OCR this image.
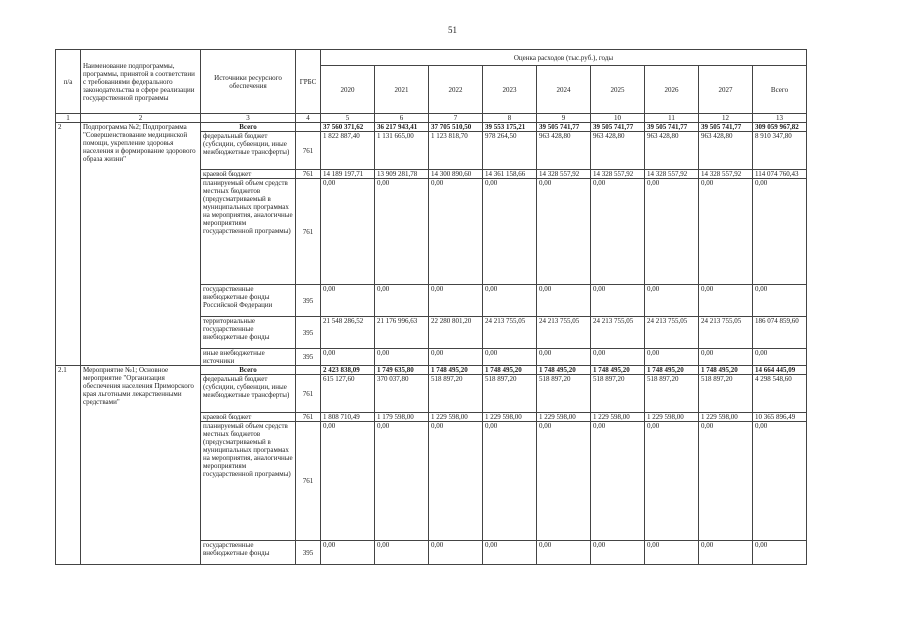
51
п/а	Наименование подпрограммы, программы, принятой в соответствии с требованиями федерального законодательства в сфере реализации государственной программы	Источники ресурсного обеспечения	ГРБС	Оценка расходов (тыс.руб.), годы								
				2020	2021	2022	2023	2024	2025	2026	2027	Всего
1	2	3	4	5	6	7	8	9	10	11	12	13
2	Подпрограмма №2; Подпрограмма "Совершенствование медицинской помощи, укрепление здоровья населения и формирование здорового образа жизни"	Всего		37 560 371,62	36 217 943,41	37 705 510,50	39 553 175,21	39 505 741,77	39 505 741,77	39 505 741,77	39 505 741,77	309 059 967,82
		федеральный бюджет (субсидии, субвенции, иные межбюджетные трансферты)	761	1 822 887,40	1 131 665,00	1 123 818,70	978 264,50	963 428,80	963 428,80	963 428,80	963 428,80	8 910 347,80
		краевой бюджет	761	14 189 197,71	13 909 281,78	14 300 890,60	14 361 158,66	14 328 557,92	14 328 557,92	14 328 557,92	14 328 557,92	114 074 760,43
		планируемый объем средств местных бюджетов (предусматриваемый в муниципальных программах на мероприятия, аналогичные мероприятиям государственной программы)	761	0,00	0,00	0,00	0,00	0,00	0,00	0,00	0,00	0,00
		государственные внебюджетные фонды Российской Федерации	395	0,00	0,00	0,00	0,00	0,00	0,00	0,00	0,00	0,00
		территориальные государственные внебюджетные фонды	395	21 548 286,52	21 176 996,63	22 280 801,20	24 213 755,05	24 213 755,05	24 213 755,05	24 213 755,05	24 213 755,05	186 074 859,60
		иные внебюджетные источники	395	0,00	0,00	0,00	0,00	0,00	0,00	0,00	0,00	0,00
2.1	Мероприятие №1; Основное мероприятие "Организация обеспечения населения Приморского края льготными лекарственными средствами"	Всего		2 423 838,09	1 749 635,80	1 748 495,20	1 748 495,20	1 748 495,20	1 748 495,20	1 748 495,20	1 748 495,20	14 664 445,09
		федеральный бюджет (субсидии, субвенции, иные межбюджетные трансферты)	761	615 127,60	370 037,80	518 897,20	518 897,20	518 897,20	518 897,20	518 897,20	518 897,20	4 298 548,60
		краевой бюджет	761	1 808 710,49	1 179 598,00	1 229 598,00	1 229 598,00	1 229 598,00	1 229 598,00	1 229 598,00	1 229 598,00	10 365 896,49
		планируемый объем средств местных бюджетов (предусматриваемый в муниципальных программах на мероприятия, аналогичные мероприятиям государственной программы)	761	0,00	0,00	0,00	0,00	0,00	0,00	0,00	0,00	0,00
		государственные внебюджетные фонды	395	0,00	0,00	0,00	0,00	0,00	0,00	0,00	0,00	0,00
